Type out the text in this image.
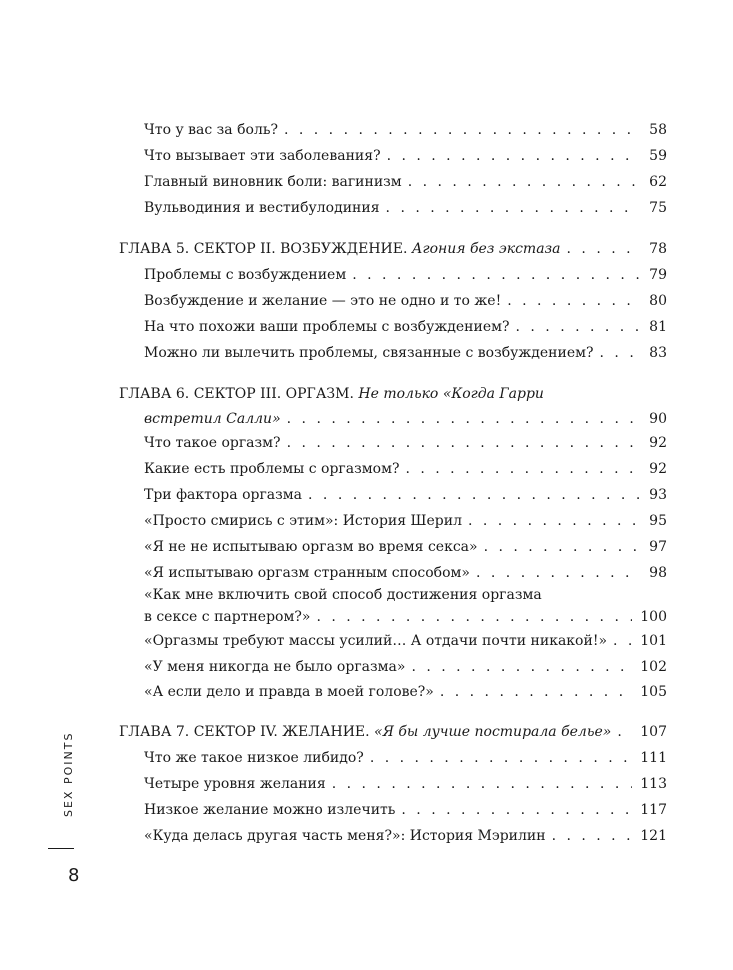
Что у вас за боль? . . .	58
Что вызывает эти заболевания? . . .	59
Главный виновник боли: вагинизм . . .	62
Вульводиния и вестибулодиния . . .	75
ГЛАВА 5. СЕКТОР II. ВОЗБУЖДЕНИЕ. Агония без экстаза . . .	78
Проблемы с возбуждением . . .	79
Возбуждение и желание — это не одно и то же! . . .	80
На что похожи ваши проблемы с возбуждением? . . .	81
Можно ли вылечить проблемы, связанные с возбуждением? . . .	83
ГЛАВА 6. СЕКТОР III. ОРГАЗМ. Не только «Когда Гарри
встретил Салли» . . .	90
Что такое оргазм? . . .	92
Какие есть проблемы с оргазмом? . . .	92
Три фактора оргазма . . .	93
«Просто смирись с этим»: История Шерил . . .	95
«Я не не испытываю оргазм во время секса» . . .	97
«Я испытываю оргазм странным способом» . . .	98
«Как мне включить свой способ достижения оргазма
в сексе с партнером?» . . .	100
«Оргазмы требуют массы усилий… А отдачи почти никакой!» . . . 101
«У меня никогда не было оргазма» . . .	102
«А если дело и правда в моей голове?» . . .	105
ГЛАВА 7. СЕКТОР IV. ЖЕЛАНИЕ. «Я бы лучше постирала белье» . . . 107
Что же такое низкое либидо? . . .	111
Четыре уровня желания . . .	113
Низкое желание можно излечить . . .	117
«Куда делась другая часть меня?»: История Мэрилин . . .	121
SEX POINTS
8
